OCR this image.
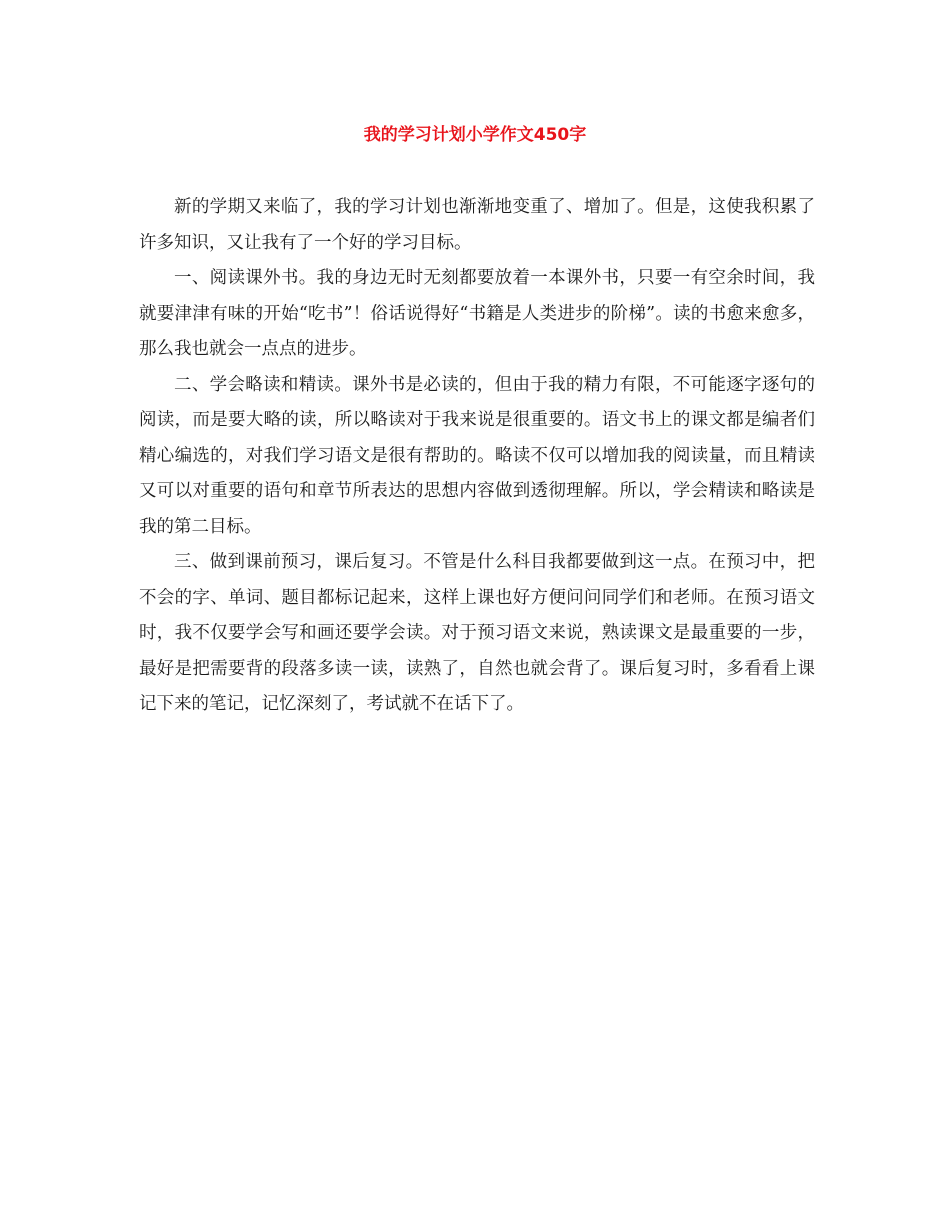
我的学习计划小学作文450字

新的学期又来临了，我的学习计划也渐渐地变重了、增加了。但是，这使我积累了许多知识，又让我有了一个好的学习目标。

一、阅读课外书。我的身边无时无刻都要放着一本课外书，只要一有空余时间，我就要津津有味的开始“吃书”！俗话说得好“书籍是人类进步的阶梯”。读的书愈来愈多，那么我也就会一点点的进步。

二、学会略读和精读。课外书是必读的，但由于我的精力有限，不可能逐字逐句的阅读，而是要大略的读，所以略读对于我来说是很重要的。语文书上的课文都是编者们精心编选的，对我们学习语文是很有帮助的。略读不仅可以增加我的阅读量，而且精读又可以对重要的语句和章节所表达的思想内容做到透彻理解。所以，学会精读和略读是我的第二目标。

三、做到课前预习，课后复习。不管是什么科目我都要做到这一点。在预习中，把不会的字、单词、题目都标记起来，这样上课也好方便问问同学们和老师。在预习语文时，我不仅要学会写和画还要学会读。对于预习语文来说，熟读课文是最重要的一步，最好是把需要背的段落多读一读，读熟了，自然也就会背了。课后复习时，多看看上课记下来的笔记，记忆深刻了，考试就不在话下了。
